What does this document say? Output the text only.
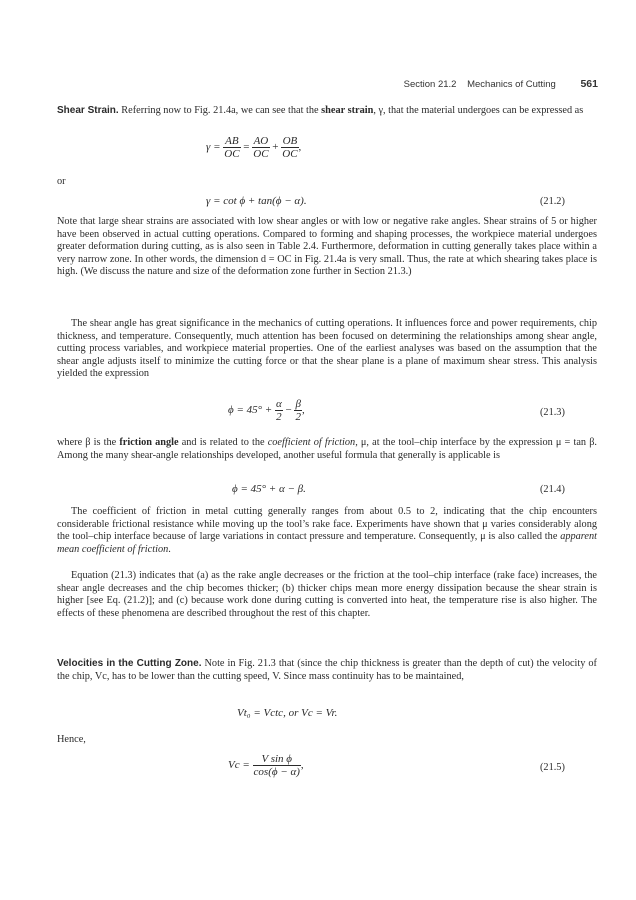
Section 21.2 Mechanics of Cutting 561
Shear Strain. Referring now to Fig. 21.4a, we can see that the shear strain, γ, that the material undergoes can be expressed as
$\gamma = \frac{AB}{OC} = \frac{AO}{OC} + \frac{OB}{OC}$ ,
or
γ = cot ϕ + tan(ϕ − α).	(21.2)
Note that large shear strains are associated with low shear angles or with low or negative rake angles. Shear strains of 5 or higher have been observed in actual cutting operations. Compared to forming and shaping processes, the workpiece material undergoes greater deformation during cutting, as is also seen in Table 2.4. Furthermore, deformation in cutting generally takes place within a very narrow zone. In other words, the dimension d = OC in Fig. 21.4a is very small. Thus, the rate at which shearing takes place is high. (We discuss the nature and size of the deformation zone further in Section 21.3.)
The shear angle has great significance in the mechanics of cutting operations. It influences force and power requirements, chip thickness, and temperature. Consequently, much attention has been focused on determining the relationships among shear angle, cutting process variables, and workpiece material properties. One of the earliest analyses was based on the assumption that the shear angle adjusts itself to minimize the cutting force or that the shear plane is a plane of maximum shear stress. This analysis yielded the expression
$\phi = 45^\circ + \frac{\alpha}{2} - \frac{\beta}{2}$ ,	(21.3)
where β is the friction angle and is related to the coefficient of friction, μ, at the tool–chip interface by the expression μ = tan β. Among the many shear-angle relationships developed, another useful formula that generally is applicable is
ϕ = 45° + α − β.	(21.4)
The coefficient of friction in metal cutting generally ranges from about 0.5 to 2, indicating that the chip encounters considerable frictional resistance while moving up the tool’s rake face. Experiments have shown that μ varies considerably along the tool–chip interface because of large variations in contact pressure and temperature. Consequently, μ is also called the apparent mean coefficient of friction.
Equation (21.3) indicates that (a) as the rake angle decreases or the friction at the tool–chip interface (rake face) increases, the shear angle decreases and the chip becomes thicker; (b) thicker chips mean more energy dissipation because the shear strain is higher [see Eq. (21.2)]; and (c) because work done during cutting is converted into heat, the temperature rise is also higher. The effects of these phenomena are described throughout the rest of this chapter.
Velocities in the Cutting Zone. Note in Fig. 21.3 that (since the chip thickness is greater than the depth of cut) the velocity of the chip, Vc, has to be lower than the cutting speed, V. Since mass continuity has to be maintained,
Vt₀ = Vctc, or Vc = Vr.
Hence,
$Vc = \frac{\text{V sin ϕ}}{\cos(\phi - \alpha)}$ ,	(21.5)
